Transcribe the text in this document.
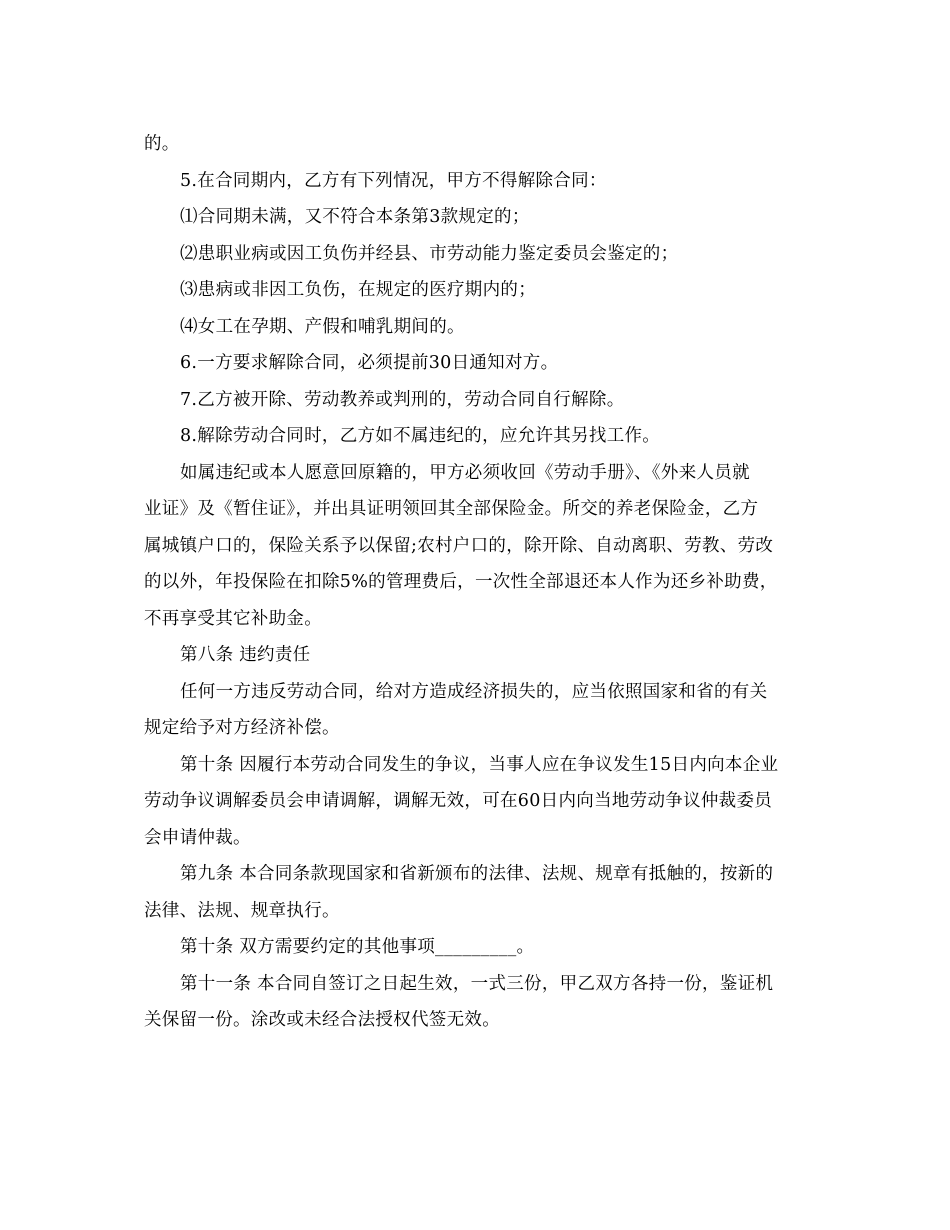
的。
5.在合同期内，乙方有下列情况，甲方不得解除合同：
⑴合同期未满，又不符合本条第3款规定的；
⑵患职业病或因工负伤并经县、市劳动能力鉴定委员会鉴定的；
⑶患病或非因工负伤，在规定的医疗期内的；
⑷女工在孕期、产假和哺乳期间的。
6.一方要求解除合同，必须提前30日通知对方。
7.乙方被开除、劳动教养或判刑的，劳动合同自行解除。
8.解除劳动合同时，乙方如不属违纪的，应允许其另找工作。
如属违纪或本人愿意回原籍的，甲方必须收回《劳动手册》、《外来人员就
业证》及《暂住证》，并出具证明领回其全部保险金。所交的养老保险金，乙方
属城镇户口的，保险关系予以保留;农村户口的，除开除、自动离职、劳教、劳改
的以外，年投保险在扣除5%的管理费后，一次性全部退还本人作为还乡补助费，
不再享受其它补助金。
第八条 违约责任
任何一方违反劳动合同，给对方造成经济损失的，应当依照国家和省的有关
规定给予对方经济补偿。
第十条 因履行本劳动合同发生的争议，当事人应在争议发生15日内向本企业
劳动争议调解委员会申请调解，调解无效，可在60日内向当地劳动争议仲裁委员
会申请仲裁。
第九条 本合同条款现国家和省新颁布的法律、法规、规章有抵触的，按新的
法律、法规、规章执行。
第十条 双方需要约定的其他事项_________。
第十一条 本合同自签订之日起生效，一式三份，甲乙双方各持一份，鉴证机
关保留一份。涂改或未经合法授权代签无效。
